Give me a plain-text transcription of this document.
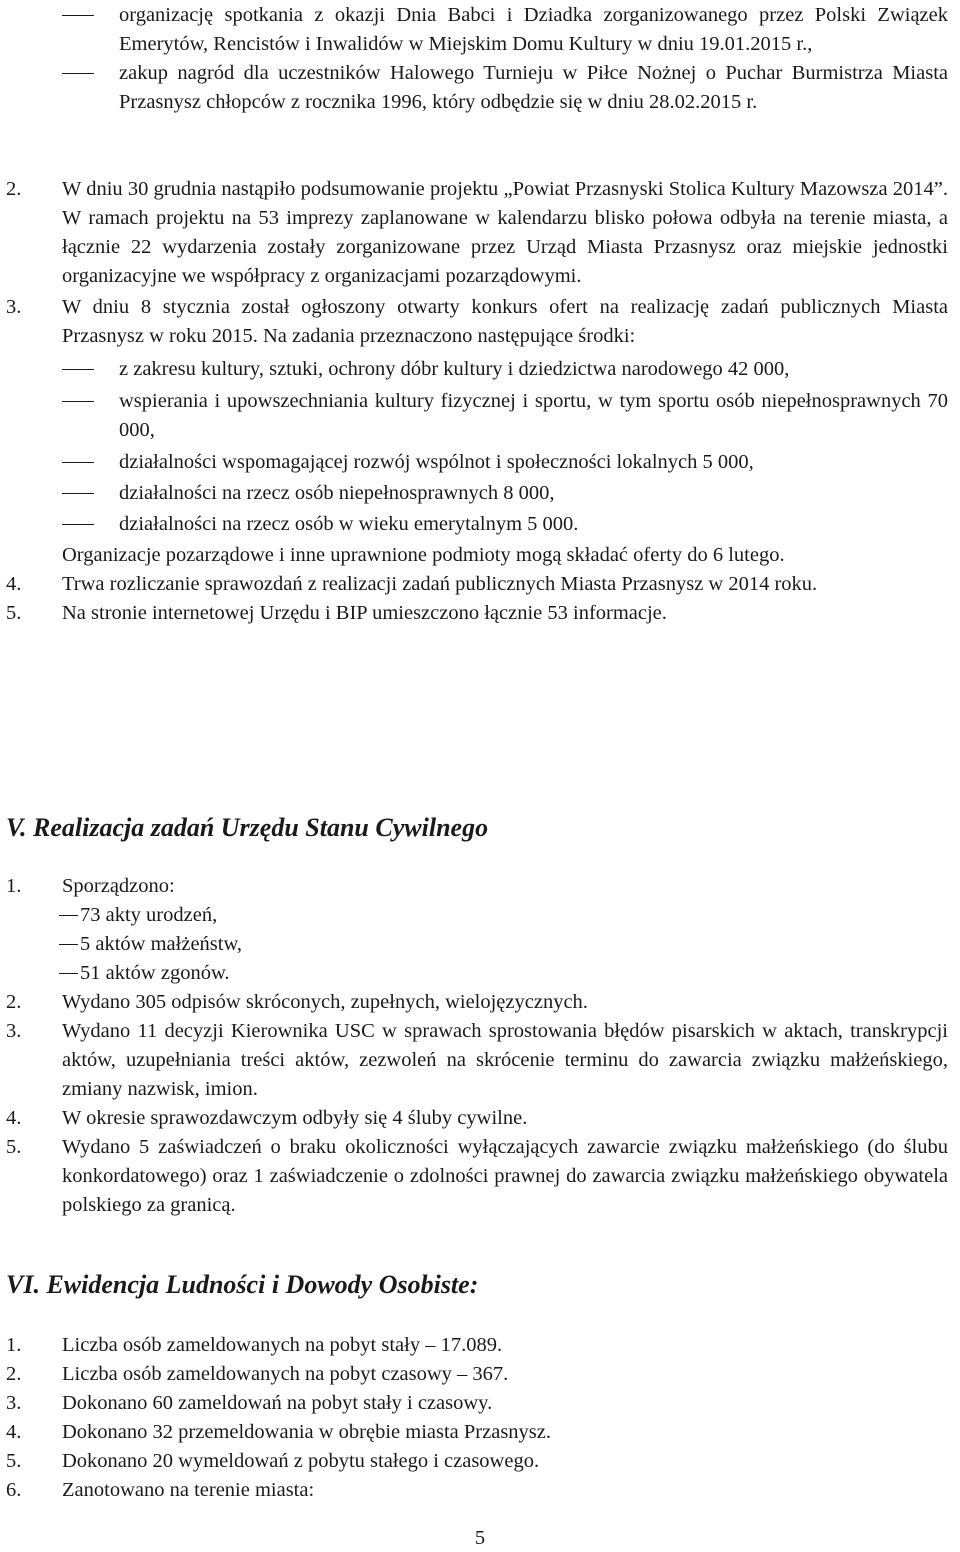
organizację spotkania z okazji Dnia Babci i Dziadka zorganizowanego przez Polski Związek Emerytów, Rencistów i Inwalidów w Miejskim Domu Kultury w dniu 19.01.2015 r.,

zakup nagród dla uczestników Halowego Turnieju w Piłce Nożnej o Puchar Burmistrza Miasta Przasnysz chłopców z rocznika 1996, który odbędzie się w dniu 28.02.2015 r.

2. W dniu 30 grudnia nastąpiło podsumowanie projektu „Powiat Przasnyski Stolica Kultury Mazowsza 2014”. W ramach projektu na 53 imprezy zaplanowane w kalendarzu blisko połowa odbyła na terenie miasta, a łącznie 22 wydarzenia zostały zorganizowane przez Urząd Miasta Przasnysz oraz miejskie jednostki organizacyjne we współpracy z organizacjami pozarządowymi.
3. W dniu 8 stycznia został ogłoszony otwarty konkurs ofert na realizację zadań publicznych Miasta Przasnysz w roku 2015. Na zadania przeznaczono następujące środki:

z zakresu kultury, sztuki, ochrony dóbr kultury i dziedzictwa narodowego 42 000,

wspierania i upowszechniania kultury fizycznej i sportu, w tym sportu osób niepełnosprawnych 70 000,

działalności wspomagającej rozwój wspólnot i społeczności lokalnych 5 000,

działalności na rzecz osób niepełnosprawnych 8 000,

działalności na rzecz osób w wieku emerytalnym 5 000.

Organizacje pozarządowe i inne uprawnione podmioty mogą składać oferty do 6 lutego.

4. Trwa rozliczanie sprawozdań z realizacji zadań publicznych Miasta Przasnysz w 2014 roku.
5. Na stronie internetowej Urzędu i BIP umieszczono łącznie 53 informacje.
V. Realizacja zadań Urzędu Stanu Cywilnego
1. Sporządzono:

73 akty urodzeń,

5 aktów małżeństw,

51 aktów zgonów.

2. Wydano 305 odpisów skróconych, zupełnych, wielojęzycznych.
3. Wydano 11 decyzji Kierownika USC w sprawach sprostowania błędów pisarskich w aktach, transkrypcji aktów, uzupełniania treści aktów, zezwoleń na skrócenie terminu do zawarcia związku małżeńskiego, zmiany nazwisk, imion.
4. W okresie sprawozdawczym odbyły się 4 śluby cywilne.
5. Wydano 5 zaświadczeń o braku okoliczności wyłączających zawarcie związku małżeńskiego (do ślubu konkordatowego) oraz 1 zaświadczenie o zdolności prawnej do zawarcia związku małżeńskiego obywatela polskiego za granicą.
VI. Ewidencja Ludności i Dowody Osobiste:
1. Liczba osób zameldowanych na pobyt stały – 17.089.
2. Liczba osób zameldowanych na pobyt czasowy – 367.
3. Dokonano 60 zameldowań na pobyt stały i czasowy.
4. Dokonano 32 przemeldowania w obrębie miasta Przasnysz.
5. Dokonano 20 wymeldowań z pobytu stałego i czasowego.
6. Zanotowano na terenie miasta:
5
